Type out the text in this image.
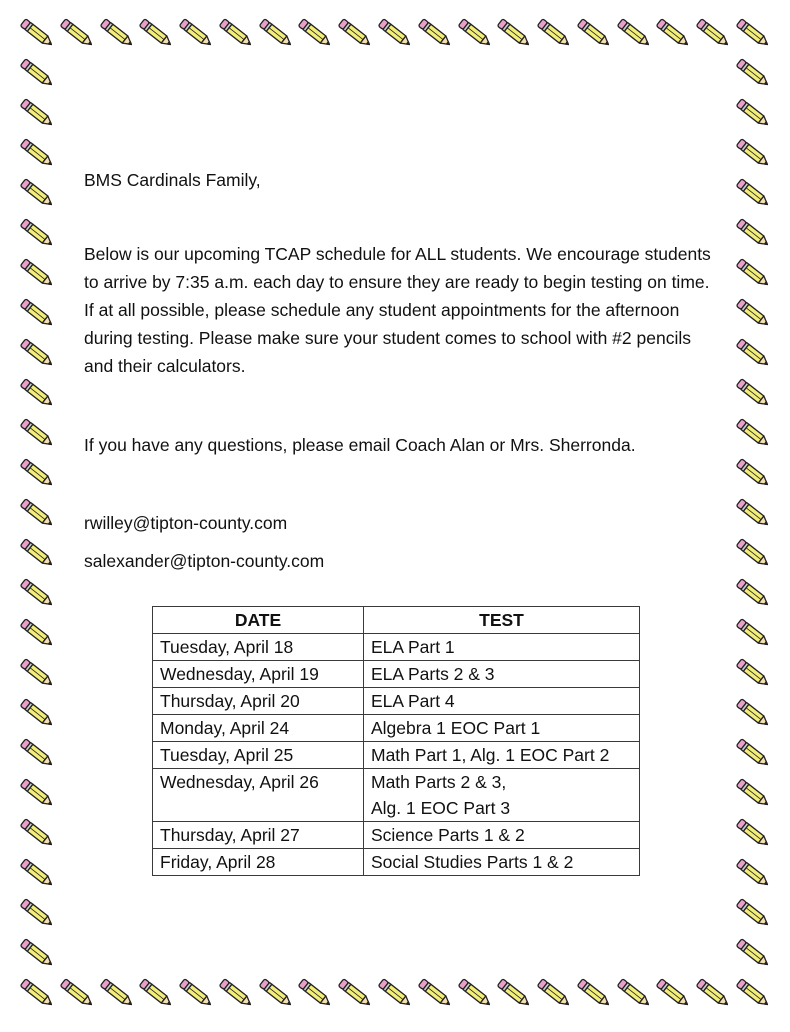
BMS Cardinals Family,
Below is our upcoming TCAP schedule for ALL students. We encourage students to arrive by 7:35 a.m. each day to ensure they are ready to begin testing on time. If at all possible, please schedule any student appointments for the afternoon during testing. Please make sure your student comes to school with #2 pencils and their calculators.
If you have any questions, please email Coach Alan or Mrs. Sherronda.
rwilley@tipton-county.com
salexander@tipton-county.com
DATE	TEST
Tuesday, April 18	ELA Part 1

Wednesday, April 19	ELA Parts 2 & 3

Thursday, April 20	ELA Part 4

Monday, April 24	Algebra 1 EOC Part 1

Tuesday, April 25	Math Part 1, Alg. 1 EOC Part 2

Wednesday, April 26	Math Parts 2 & 3,
Alg. 1 EOC Part 3

Thursday, April 27	Science Parts 1 & 2

Friday, April 28	Social Studies Parts 1 & 2
